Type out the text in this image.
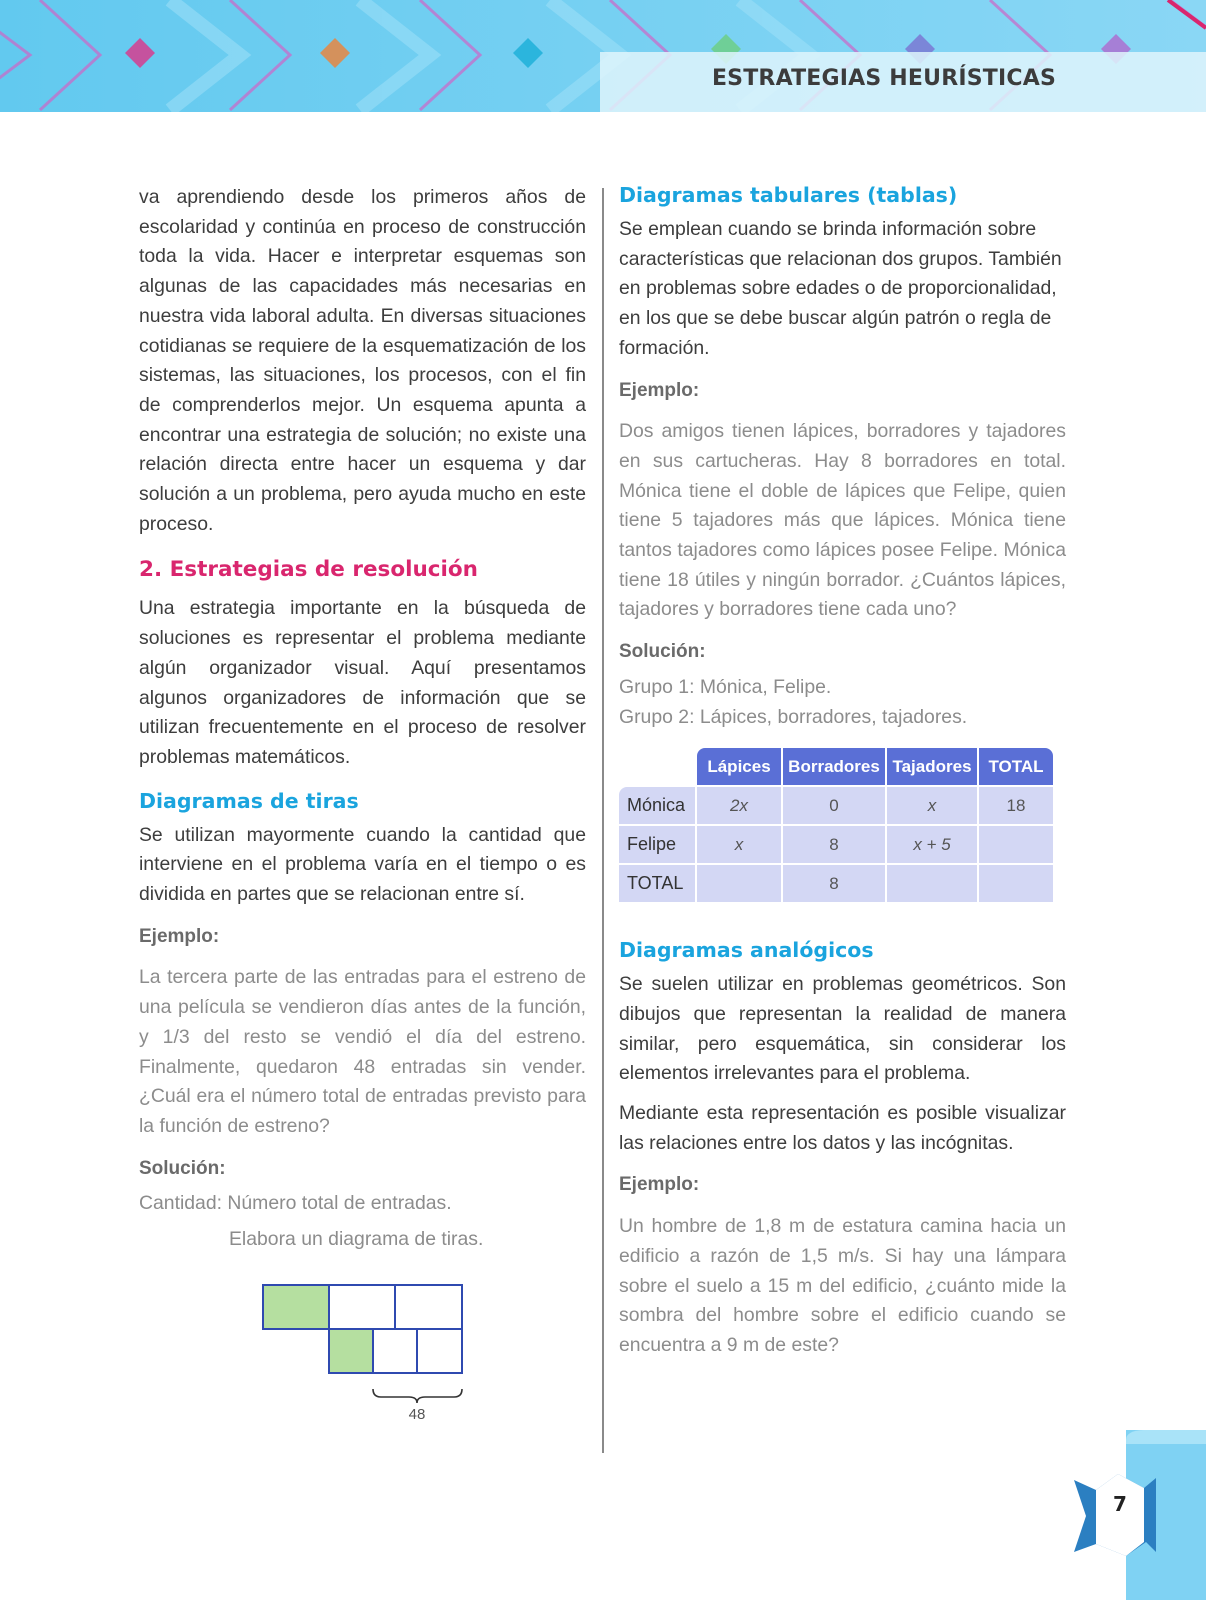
ESTRATEGIAS HEURÍSTICAS

va aprendiendo desde los primeros años de escolaridad y continúa en proceso de construcción toda la vida. Hacer e interpretar esquemas son algunas de las capacidades más necesarias en nuestra vida laboral adulta. En diversas situaciones cotidianas se requiere de la esquematización de los sistemas, las situaciones, los procesos, con el fin de comprenderlos mejor. Un esquema apunta a encontrar una estrategia de solución; no existe una relación directa entre hacer un esquema y dar solución a un problema, pero ayuda mucho en este proceso.

2. Estrategias de resolución

Una estrategia importante en la búsqueda de soluciones es representar el problema mediante algún organizador visual. Aquí presentamos algunos organizadores de información que se utilizan frecuentemente en el proceso de resolver problemas matemáticos.

Diagramas de tiras

Se utilizan mayormente cuando la cantidad que interviene en el problema varía en el tiempo o es dividida en partes que se relacionan entre sí.

Ejemplo:

La tercera parte de las entradas para el estreno de una película se vendieron días antes de la función, y 1/3 del resto se vendió el día del estreno. Finalmente, quedaron 48 entradas sin vender. ¿Cuál era el número total de entradas previsto para la función de estreno?

Solución:

Cantidad: Número total de entradas.

Elabora un diagrama de tiras.

48
Diagramas tabulares (tablas)

Se emplean cuando se brinda información sobre características que relacionan dos grupos. También en problemas sobre edades o de proporcionalidad, en los que se debe buscar algún patrón o regla de formación.

Ejemplo:

Dos amigos tienen lápices, borradores y tajadores en sus cartucheras. Hay 8 borradores en total. Mónica tiene el doble de lápices que Felipe, quien tiene 5 tajadores más que lápices. Mónica tiene tantos tajadores como lápices posee Felipe. Mónica tiene 18 útiles y ningún borrador. ¿Cuántos lápices, tajadores y borradores tiene cada uno?

Solución:

Grupo 1: Mónica, Felipe.

Grupo 2: Lápices, borradores, tajadores.

	Lápices	Borradores	Tajadores	TOTAL
Mónica	2x	0	x	18
Felipe	x	8	x + 5	
TOTAL		8		
Diagramas analógicos

Se suelen utilizar en problemas geométricos. Son dibujos que representan la realidad de manera similar, pero esquemática, sin considerar los elementos irrelevantes para el problema.

Mediante esta representación es posible visualizar las relaciones entre los datos y las incógnitas.

Ejemplo:

Un hombre de 1,8 m de estatura camina hacia un edificio a razón de 1,5 m/s. Si hay una lámpara sobre el suelo a 15 m del edificio, ¿cuánto mide la sombra del hombre sobre el edificio cuando se encuentra a 9 m de este?

7
